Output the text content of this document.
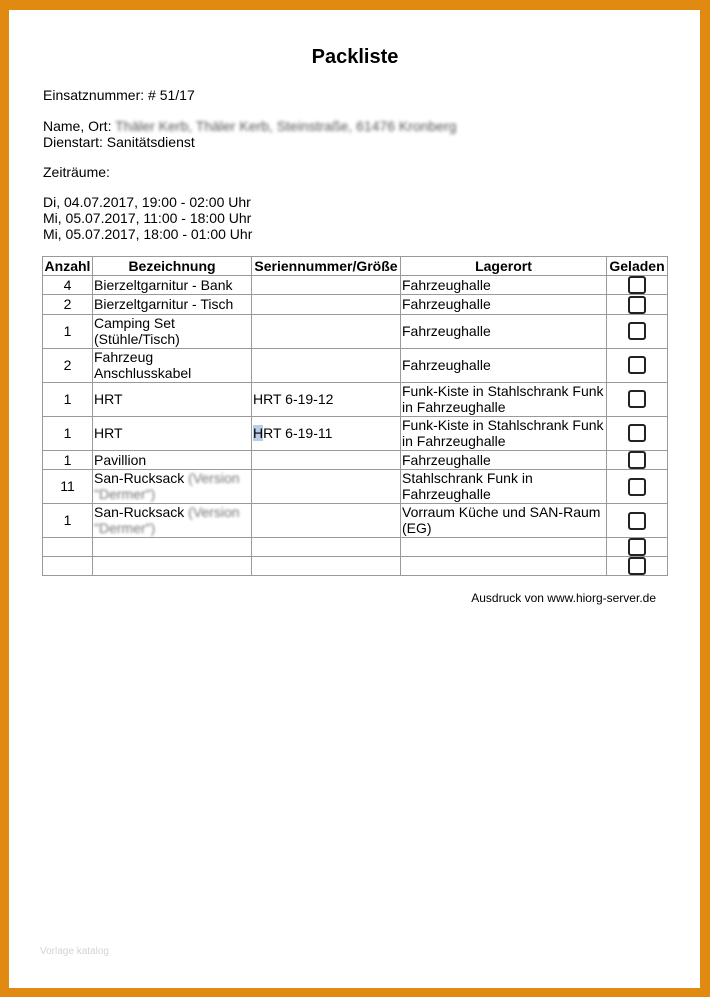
Packliste
Einsatznummer: # 51/17
Name, Ort: Thäler Kerb, Thäler Kerb, Steinstraße, 61476 Kronberg
Dienstart: Sanitätsdienst
Zeiträume:
Di, 04.07.2017, 19:00 - 02:00 Uhr
Mi, 05.07.2017, 11:00 - 18:00 Uhr
Mi, 05.07.2017, 18:00 - 01:00 Uhr
Anzahl	Bezeichnung	Seriennummer/Größe	Lagerort	Geladen
4	Bierzeltgarnitur - Bank		Fahrzeughalle	
2	Bierzeltgarnitur - Tisch		Fahrzeughalle	
1	Camping Set (Stühle/Tisch)		Fahrzeughalle	
2	Fahrzeug Anschlusskabel		Fahrzeughalle	
1	HRT	HRT 6-19-12	Funk-Kiste in Stahlschrank Funk in Fahrzeughalle	
1	HRT	HRT 6-19-11	Funk-Kiste in Stahlschrank Funk in Fahrzeughalle	
1	Pavillion		Fahrzeughalle	
11	San-Rucksack (Version "Dermer")		Stahlschrank Funk in Fahrzeughalle	
1	San-Rucksack (Version "Dermer")		Vorraum Küche und SAN-Raum (EG)	

Ausdruck von www.hiorg-server.de
Vorlage katalog
